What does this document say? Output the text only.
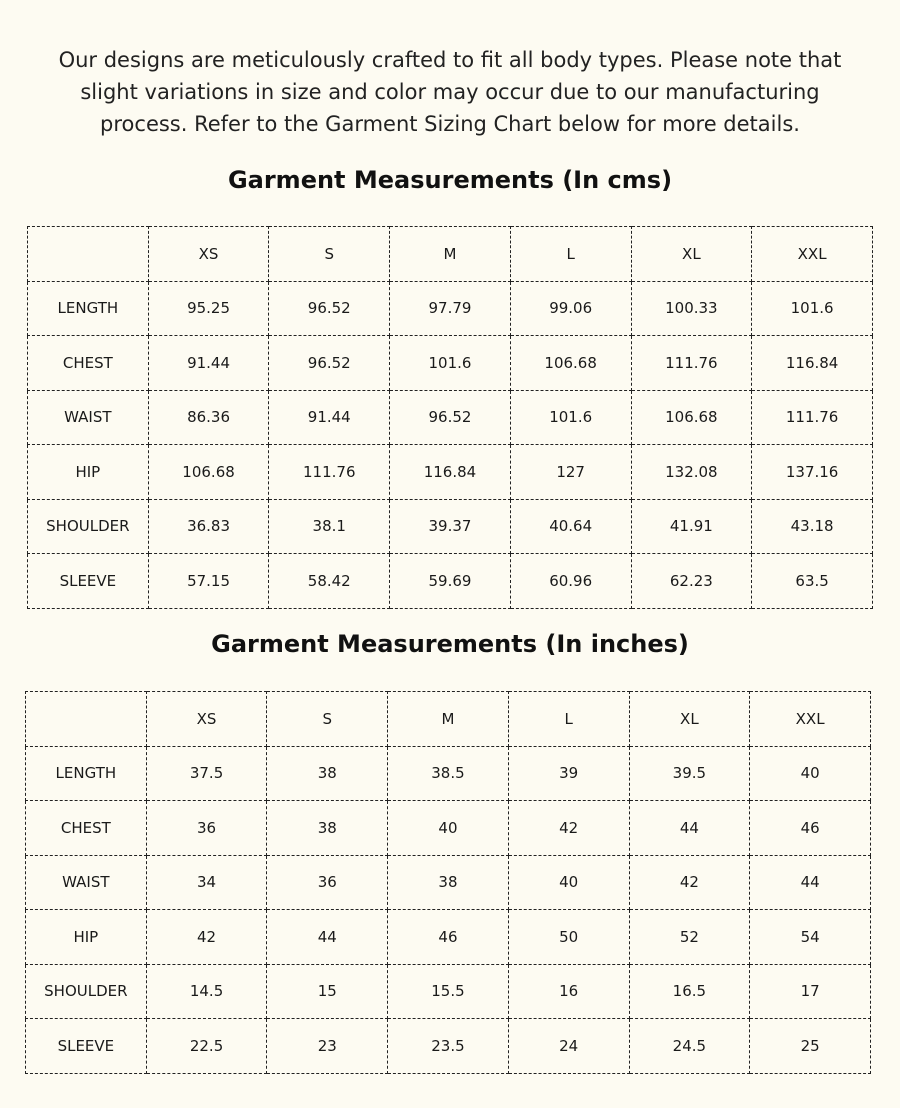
Our designs are meticulously crafted to fit all body types. Please note that slight variations in size and color may occur due to our manufacturing process. Refer to the Garment Sizing Chart below for more details.

Garment Measurements (In cms)
	XS	S	M	L	XL	XXL
LENGTH	95.25	96.52	97.79	99.06	100.33	101.6
CHEST	91.44	96.52	101.6	106.68	111.76	116.84
WAIST	86.36	91.44	96.52	101.6	106.68	111.76
HIP	106.68	111.76	116.84	127	132.08	137.16
SHOULDER	36.83	38.1	39.37	40.64	41.91	43.18
SLEEVE	57.15	58.42	59.69	60.96	62.23	63.5
Garment Measurements (In inches)
	XS	S	M	L	XL	XXL
LENGTH	37.5	38	38.5	39	39.5	40
CHEST	36	38	40	42	44	46
WAIST	34	36	38	40	42	44
HIP	42	44	46	50	52	54
SHOULDER	14.5	15	15.5	16	16.5	17
SLEEVE	22.5	23	23.5	24	24.5	25
